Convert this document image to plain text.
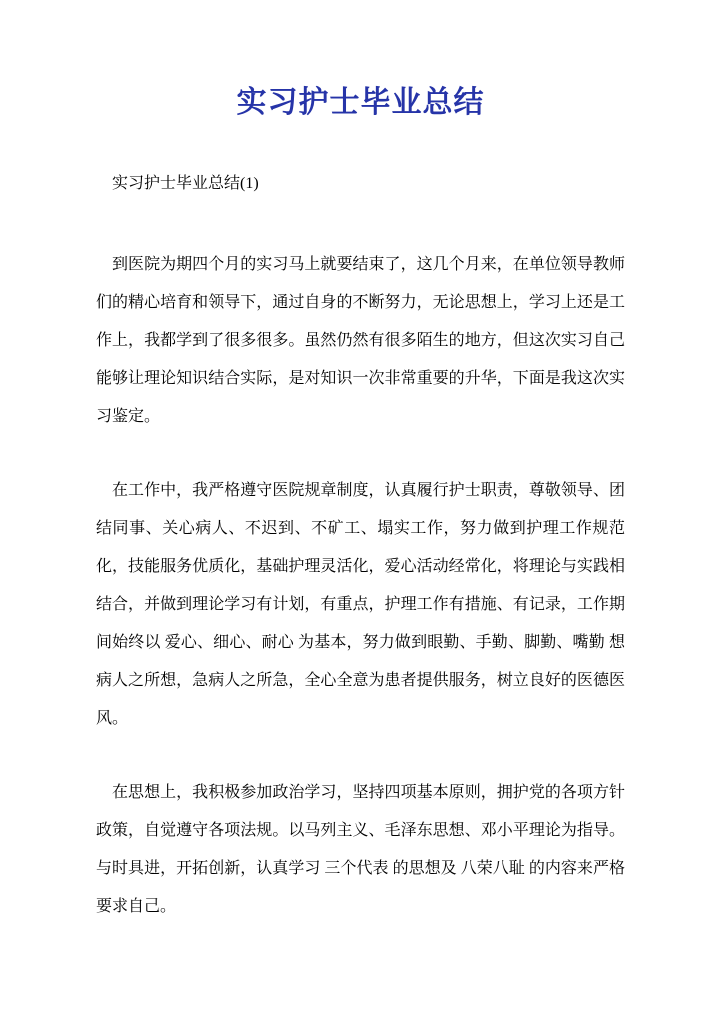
实习护士毕业总结

实习护士毕业总结(1)

到医院为期四个月的实习马上就要结束了，这几个月来，在单位领导教师们的精心培育和领导下，通过自身的不断努力，无论思想上，学习上还是工作上，我都学到了很多很多。虽然仍然有很多陌生的地方，但这次实习自己能够让理论知识结合实际，是对知识一次非常重要的升华，下面是我这次实习鉴定。

在工作中，我严格遵守医院规章制度，认真履行护士职责，尊敬领导、团结同事、关心病人、不迟到、不矿工、塌实工作，努力做到护理工作规范化，技能服务优质化，基础护理灵活化，爱心活动经常化，将理论与实践相结合，并做到理论学习有计划，有重点，护理工作有措施、有记录，工作期间始终以 爱心、细心、耐心 为基本，努力做到眼勤、手勤、脚勤、嘴勤 想病人之所想，急病人之所急，全心全意为患者提供服务，树立良好的医德医风。

在思想上，我积极参加政治学习，坚持四项基本原则，拥护党的各项方针政策，自觉遵守各项法规。以马列主义、毛泽东思想、邓小平理论为指导。与时具进，开拓创新，认真学习 三个代表 的思想及 八荣八耻 的内容来严格要求自己。
